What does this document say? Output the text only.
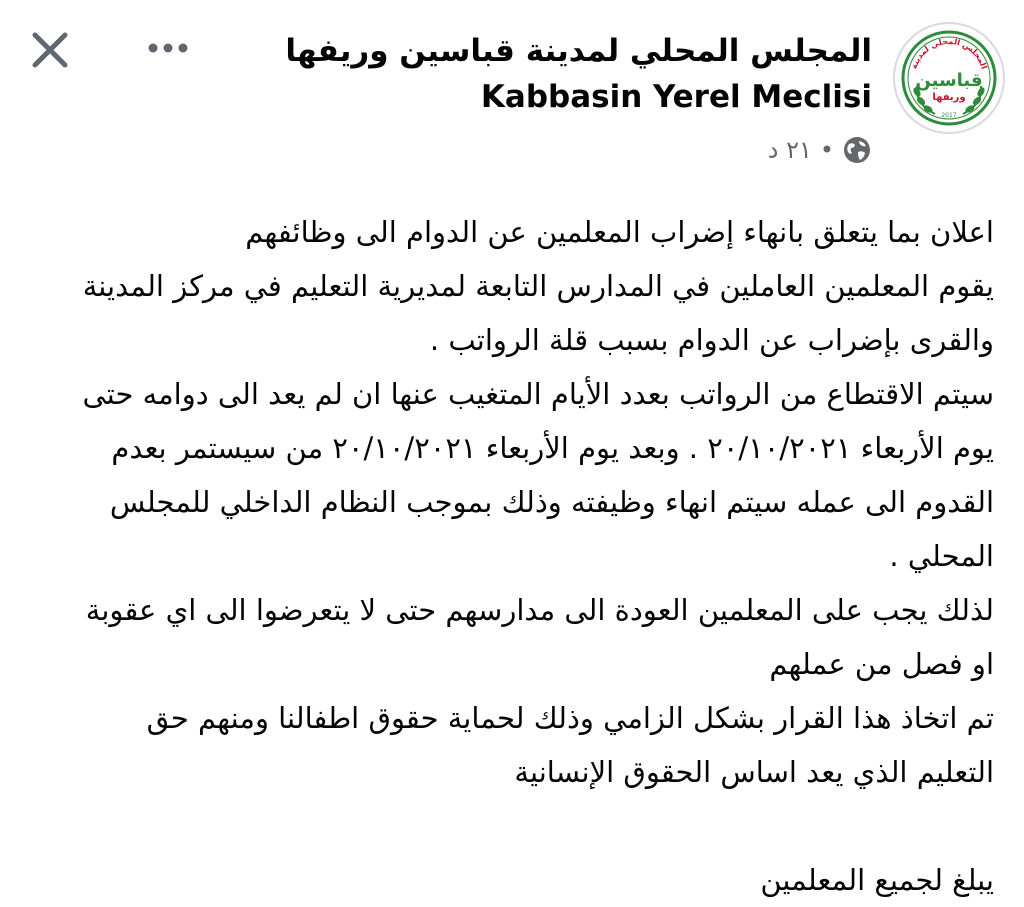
المجلس المحلي لمدينة
قباسين
وريفها
2017
المجلس المحلي لمدينة قباسين وريفها Kabbasin Yerel Meclisi
٢١ د •
اعلان بما يتعلق بانهاء إضراب المعلمين عن الدوام الى وظائفهم
يقوم المعلمين العاملين في المدارس التابعة لمديرية التعليم في مركز المدينة
والقرى بإضراب عن الدوام بسبب قلة الرواتب .
سيتم الاقتطاع من الرواتب بعدد الأيام المتغيب عنها ان لم يعد الى دوامه حتى
يوم الأربعاء ٢٠/١٠/٢٠٢١ . وبعد يوم الأربعاء ٢٠/١٠/٢٠٢١ من سيستمر بعدم
القدوم الى عمله سيتم انهاء وظيفته وذلك بموجب النظام الداخلي للمجلس
المحلي .
لذلك يجب على المعلمين العودة الى مدارسهم حتى لا يتعرضوا الى اي عقوبة
او فصل من عملهم
تم اتخاذ هذا القرار بشكل الزامي وذلك لحماية حقوق اطفالنا ومنهم حق
التعليم الذي يعد اساس الحقوق الإنسانية
يبلغ لجميع المعلمين
